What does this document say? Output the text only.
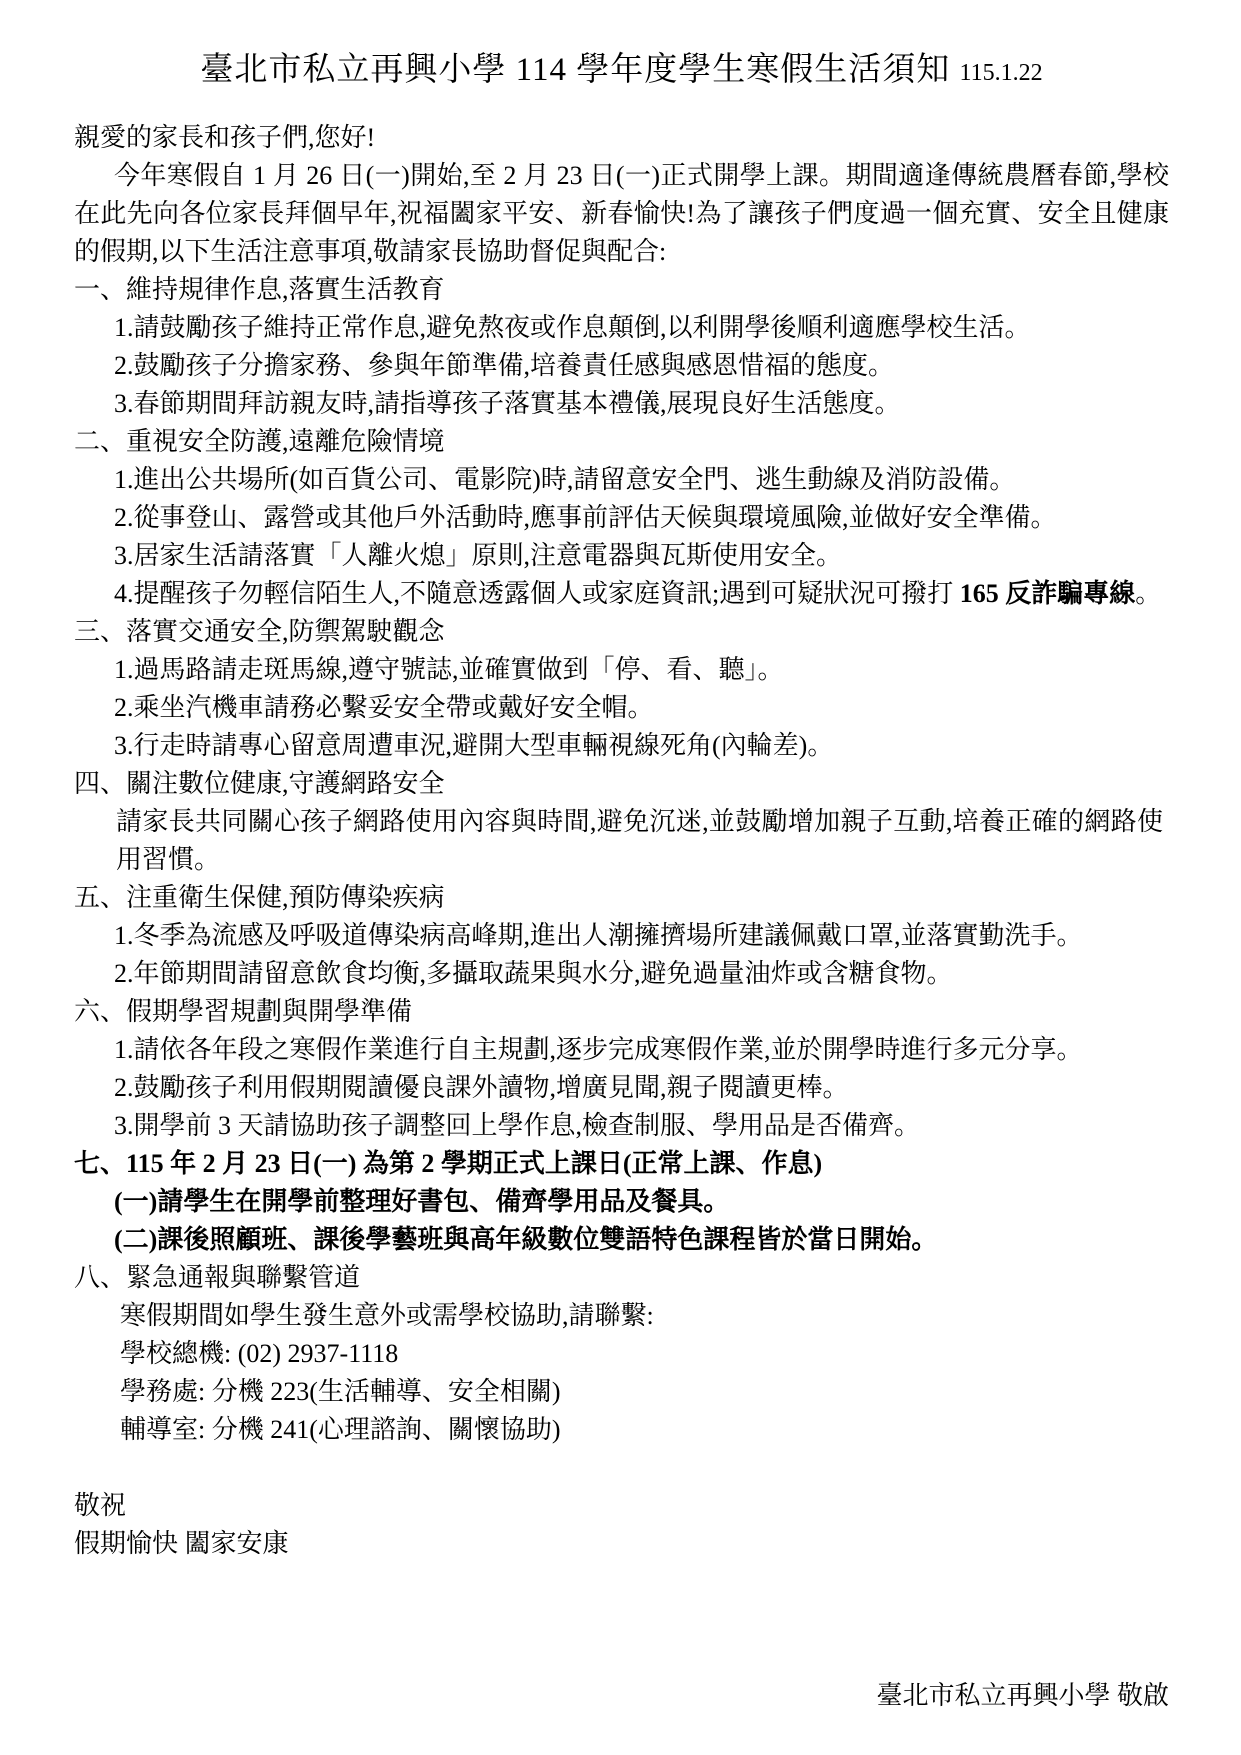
臺北市私立再興小學 114 學年度學生寒假生活須知 115.1.22

親愛的家長和孩子們,您好!

今年寒假自 1 月 26 日(一)開始,至 2 月 23 日(一)正式開學上課。期間適逢傳統農曆春節,學校在此先向各位家長拜個早年,祝福闔家平安、新春愉快!為了讓孩子們度過一個充實、安全且健康的假期,以下生活注意事項,敬請家長協助督促與配合:

一、維持規律作息,落實生活教育
1.請鼓勵孩子維持正常作息,避免熬夜或作息顛倒,以利開學後順利適應學校生活。
2.鼓勵孩子分擔家務、參與年節準備,培養責任感與感恩惜福的態度。
3.春節期間拜訪親友時,請指導孩子落實基本禮儀,展現良好生活態度。
二、重視安全防護,遠離危險情境
1.進出公共場所(如百貨公司、電影院)時,請留意安全門、逃生動線及消防設備。
2.從事登山、露營或其他戶外活動時,應事前評估天候與環境風險,並做好安全準備。
3.居家生活請落實「人離火熄」原則,注意電器與瓦斯使用安全。
4.提醒孩子勿輕信陌生人,不隨意透露個人或家庭資訊;遇到可疑狀況可撥打 165 反詐騙專線。
三、落實交通安全,防禦駕駛觀念
1.過馬路請走斑馬線,遵守號誌,並確實做到「停、看、聽」。
2.乘坐汽機車請務必繫妥安全帶或戴好安全帽。
3.行走時請專心留意周遭車況,避開大型車輛視線死角(內輪差)。
四、關注數位健康,守護網路安全

請家長共同關心孩子網路使用內容與時間,避免沉迷,並鼓勵增加親子互動,培養正確的網路使用習慣。

五、注重衛生保健,預防傳染疾病
1.冬季為流感及呼吸道傳染病高峰期,進出人潮擁擠場所建議佩戴口罩,並落實勤洗手。
2.年節期間請留意飲食均衡,多攝取蔬果與水分,避免過量油炸或含糖食物。
六、假期學習規劃與開學準備
1.請依各年段之寒假作業進行自主規劃,逐步完成寒假作業,並於開學時進行多元分享。
2.鼓勵孩子利用假期閱讀優良課外讀物,增廣見聞,親子閱讀更棒。
3.開學前 3 天請協助孩子調整回上學作息,檢查制服、學用品是否備齊。
七、115 年 2 月 23 日(一) 為第 2 學期正式上課日(正常上課、作息)
(一)請學生在開學前整理好書包、備齊學用品及餐具。
(二)課後照顧班、課後學藝班與高年級數位雙語特色課程皆於當日開始。
八、緊急通報與聯繫管道
寒假期間如學生發生意外或需學校協助,請聯繫:
學校總機: (02) 2937-1118
學務處: 分機 223(生活輔導、安全相關)
輔導室: 分機 241(心理諮詢、關懷協助)
敬祝
假期愉快 闔家安康
臺北市私立再興小學 敬啟
